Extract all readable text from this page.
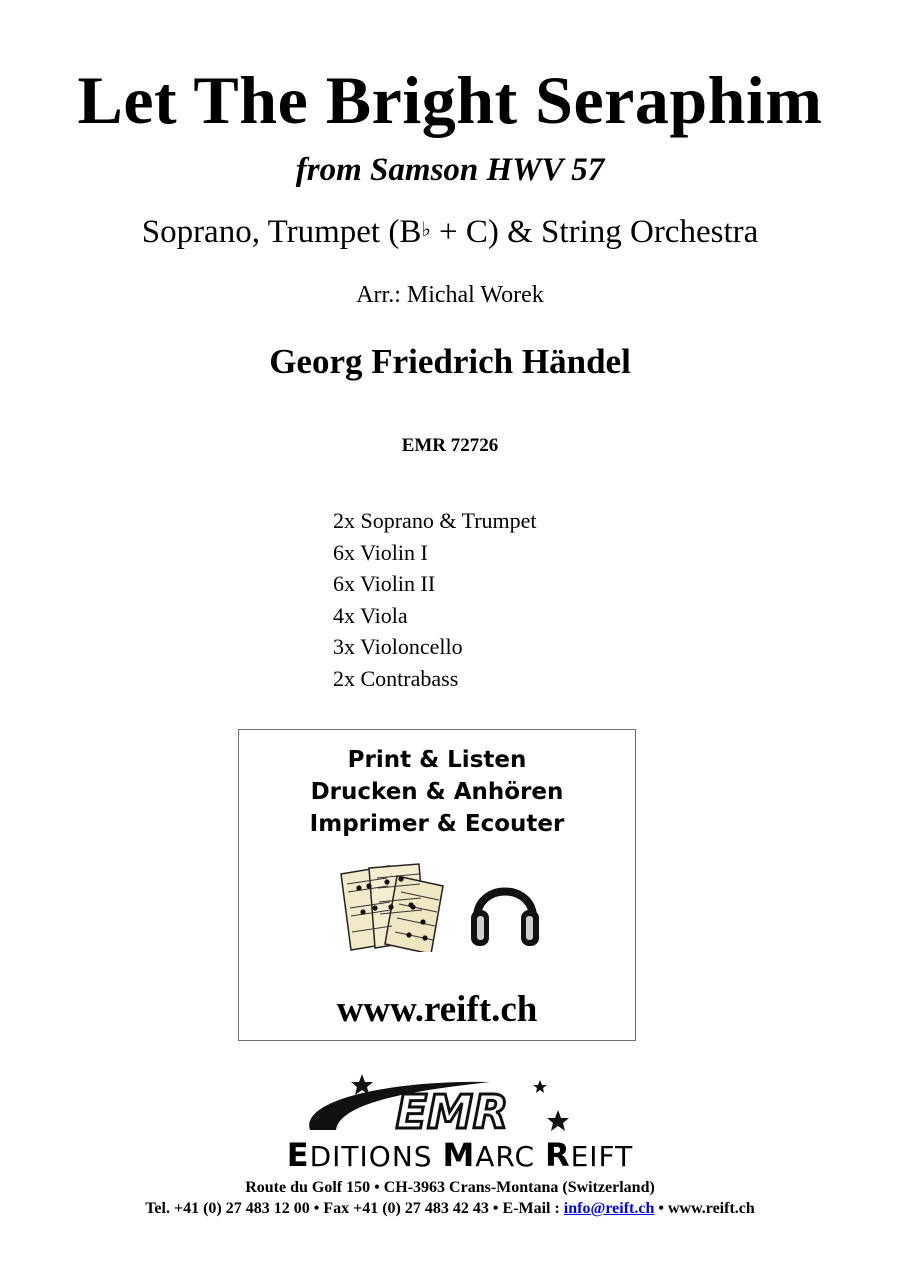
Let The Bright Seraphim
from Samson HWV 57
Soprano, Trumpet (B♭ + C) & String Orchestra
Arr.: Michal Worek
Georg Friedrich Händel
EMR 72726
2x Soprano & Trumpet
6x Violin I
6x Violin II
4x Viola
3x Violoncello
2x Contrabass
Print & Listen
Drucken & Anhören
Imprimer & Ecouter
www.reift.ch
EMR
EDITIONS MARC REIFT
Route du Golf 150 • CH-3963 Crans-Montana (Switzerland)
Tel. +41 (0) 27 483 12 00 • Fax +41 (0) 27 483 42 43 • E-Mail : info@reift.ch • www.reift.ch
